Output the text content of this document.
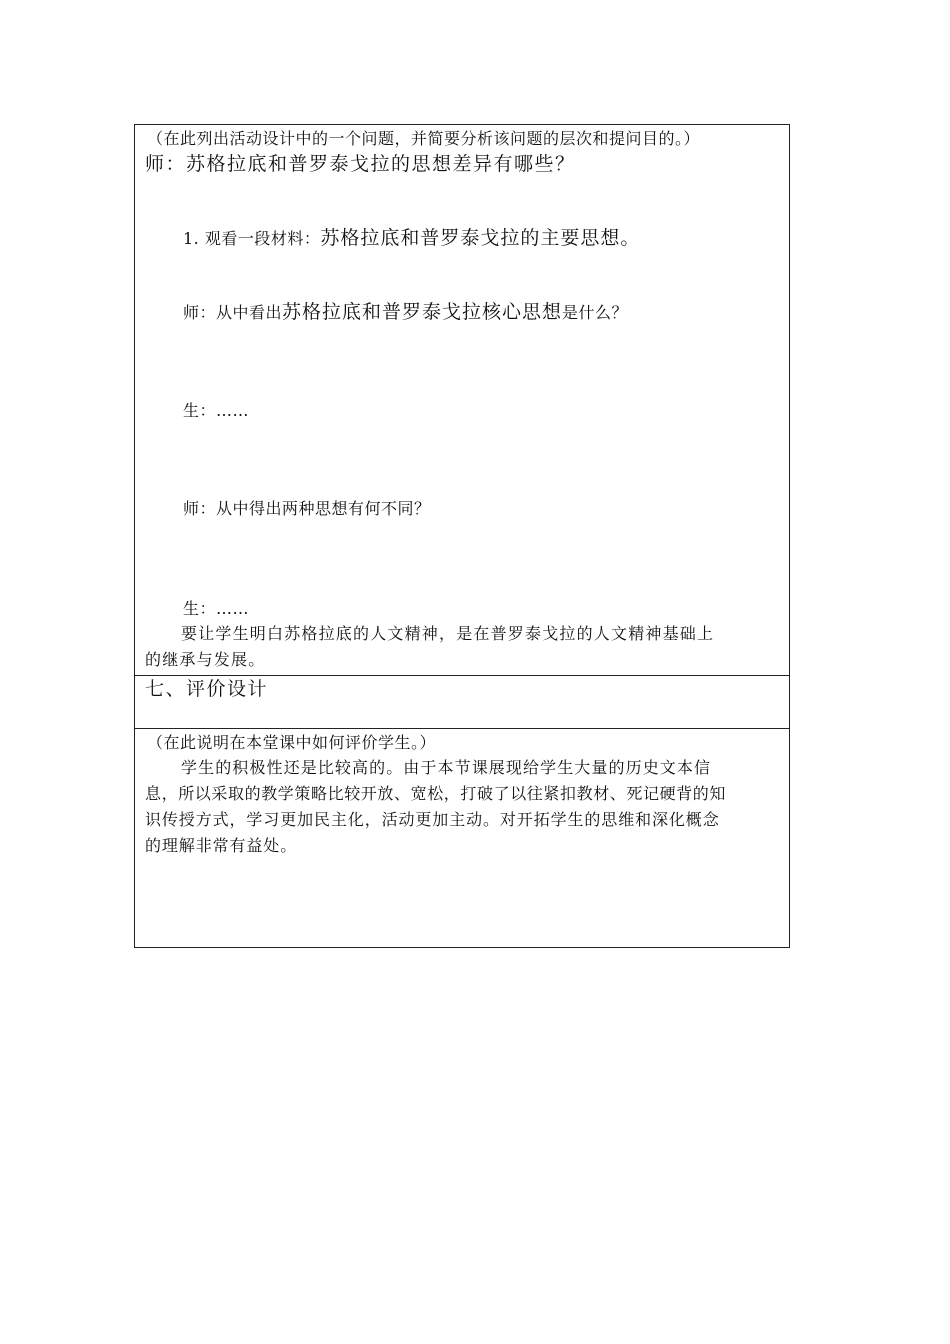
（在此列出活动设计中的一个问题，并简要分析该问题的层次和提问目的。）
师：苏格拉底和普罗泰戈拉的思想差异有哪些？
1. 观看一段材料：苏格拉底和普罗泰戈拉的主要思想。
师：从中看出苏格拉底和普罗泰戈拉核心思想是什么？
生：……
师：从中得出两种思想有何不同？
生：……
要让学生明白苏格拉底的人文精神，是在普罗泰戈拉的人文精神基础上
的继承与发展。
七、评价设计
（在此说明在本堂课中如何评价学生。）
学生的积极性还是比较高的。由于本节课展现给学生大量的历史文本信
息，所以采取的教学策略比较开放、宽松，打破了以往紧扣教材、死记硬背的知
识传授方式，学习更加民主化，活动更加主动。对开拓学生的思维和深化概念
的理解非常有益处。
